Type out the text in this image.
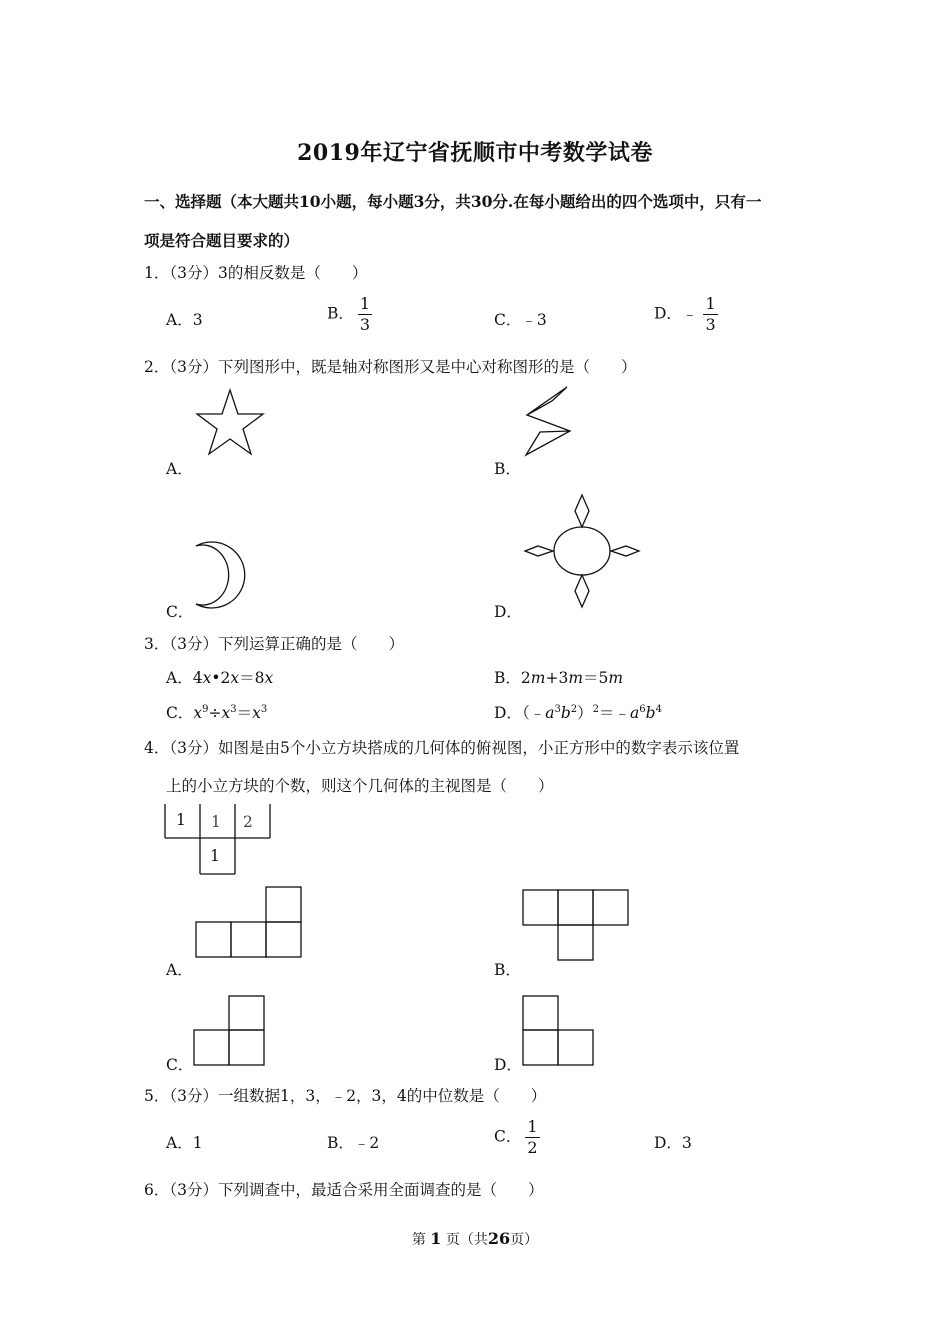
2019年辽宁省抚顺市中考数学试卷
一、选择题（本大题共10小题，每小题3分，共30分.在每小题给出的四个选项中，只有一
项是符合题目要求的）
1．（3分）3的相反数是（　　）
A．3	B． $\frac{1}{3}$	C．﹣3	D．﹣ $\frac{1}{3}$
2．（3分）下列图形中，既是轴对称图形又是中心对称图形的是（　　）
A．	B．
C．	D．
3．（3分）下列运算正确的是（　　）
A．4x•2x＝8x	B．2m+3m＝5m
C．$x^9\div x^3=x^3$	D．$(﹣a^3b^2)^2=﹣a^6b^4$
4．（3分）如图是由5个小立方块搭成的几何体的俯视图，小正方形中的数字表示该位置
上的小立方块的个数，则这个几何体的主视图是（　　）
1 1 2
1
A．	B．
C．	D．
5．（3分）一组数据1，3，﹣2，3，4的中位数是（　　）
A．1	B．﹣2	C． $\frac{1}{2}$	D．3
6．（3分）下列调查中，最适合采用全面调查的是（　　）
第 1 页（共26页）
